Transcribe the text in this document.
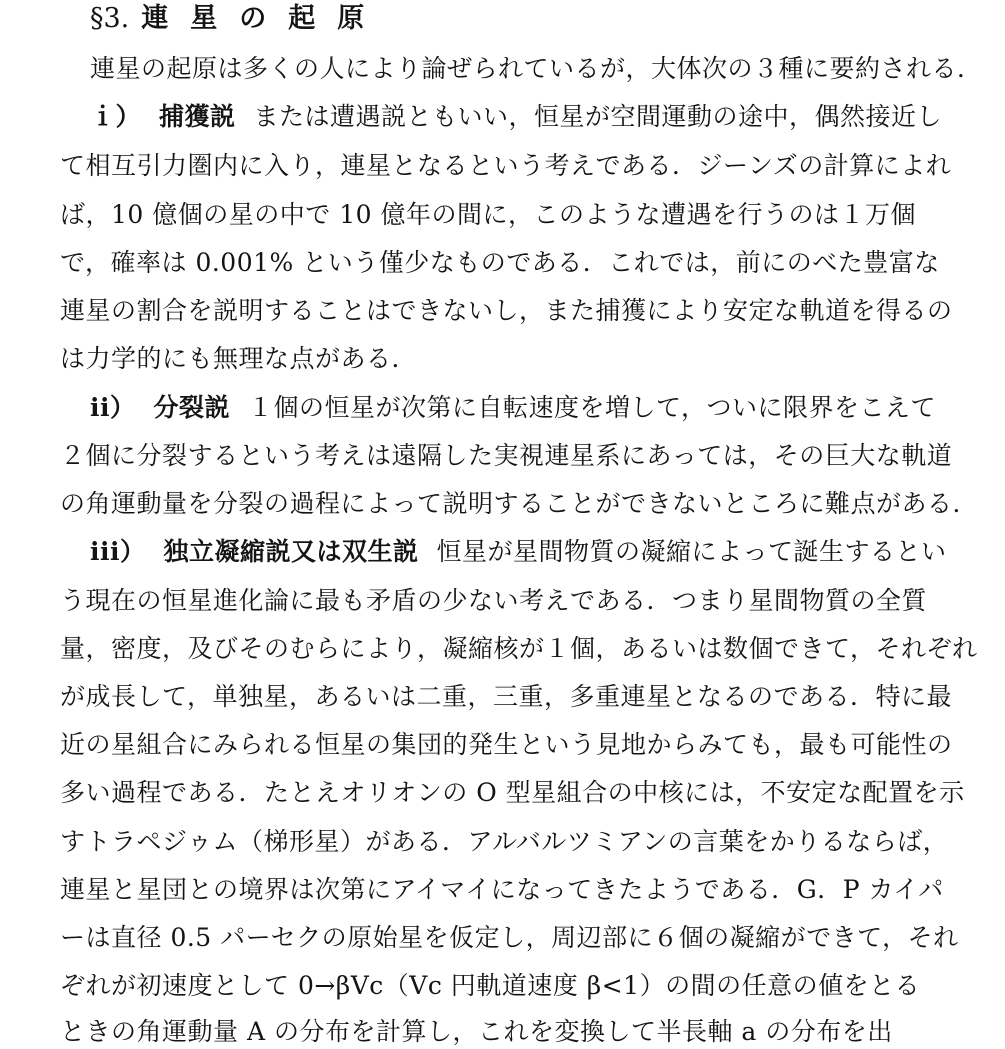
§3. 連星の起原
連星の起原は多くの人により論ぜられているが，大体次の３種に要約される．
ｉ） 捕獲説 または遭遇説ともいい，恒星が空間運動の途中，偶然接近し
て相互引力圏内に入り，連星となるという考えである．ジーンズの計算によれ
ば，10 億個の星の中で 10 億年の間に，このような遭遇を行うのは１万個
で，確率は 0.001% という僅少なものである．これでは，前にのべた豊富な
連星の割合を説明することはできないし，また捕獲により安定な軌道を得るの
は力学的にも無理な点がある．
ii） 分裂説 １個の恒星が次第に自転速度を増して，ついに限界をこえて
２個に分裂するという考えは遠隔した実視連星系にあっては，その巨大な軌道
の角運動量を分裂の過程によって説明することができないところに難点がある．
iii） 独立凝縮説又は双生説 恒星が星間物質の凝縮によって誕生するとい
う現在の恒星進化論に最も矛盾の少ない考えである．つまり星間物質の全質
量，密度，及びそのむらにより，凝縮核が１個，あるいは数個できて，それぞれ
が成長して，単独星，あるいは二重，三重，多重連星となるのである．特に最
近の星組合にみられる恒星の集団的発生という見地からみても，最も可能性の
多い過程である．たとえオリオンの O 型星組合の中核には，不安定な配置を示
すトラペジゥム（梯形星）がある．アルバルツミアンの言葉をかりるならば，
連星と星団との境界は次第にアイマイになってきたようである．G．P カイパ
ーは直径 0.5 パーセクの原始星を仮定し，周辺部に６個の凝縮ができて，それ
ぞれが初速度として 0→βVc（Vc 円軌道速度 β<1）の間の任意の値をとる
ときの角運動量 A の分布を計算し，これを変換して半長軸 a の分布を出
